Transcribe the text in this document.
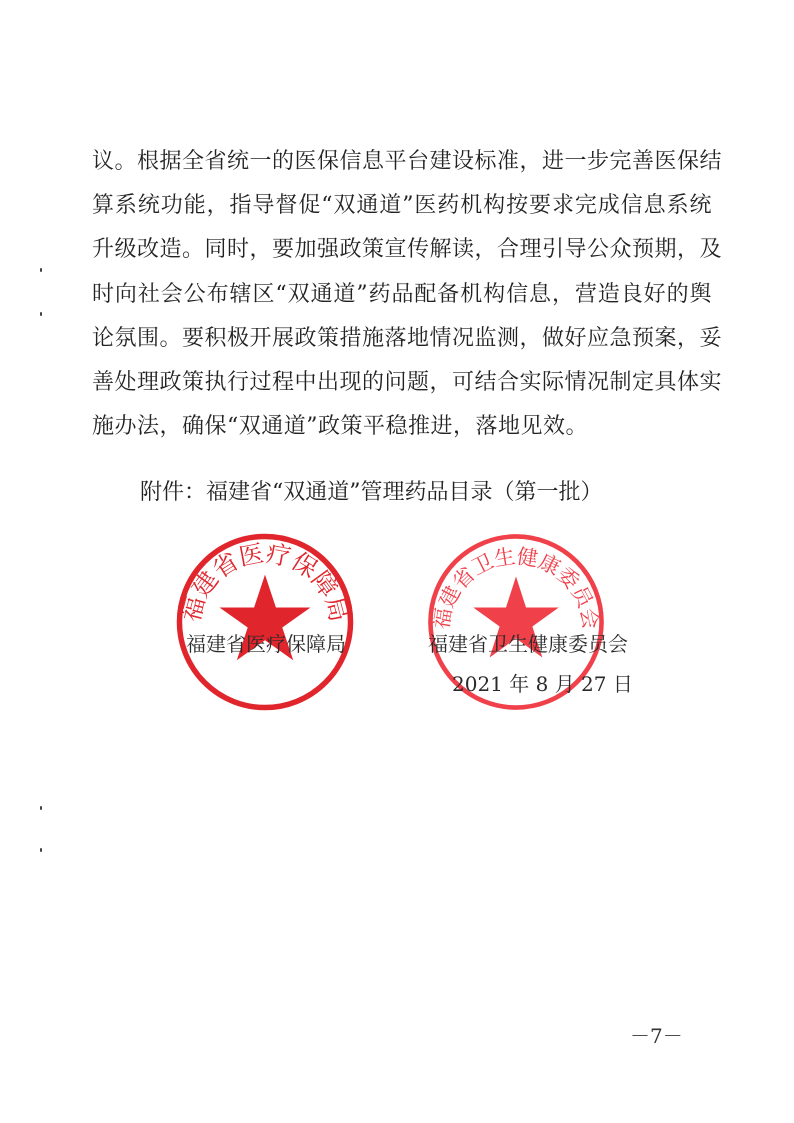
议。根据全省统一的医保信息平台建设标准，进一步完善医保结
算系统功能，指导督促“双通道”医药机构按要求完成信息系统
升级改造。同时，要加强政策宣传解读，合理引导公众预期，及
时向社会公布辖区“双通道”药品配备机构信息，营造良好的舆
论氛围。要积极开展政策措施落地情况监测，做好应急预案，妥
善处理政策执行过程中出现的问题，可结合实际情况制定具体实
施办法，确保“双通道”政策平稳推进，落地见效。
附件：福建省“双通道”管理药品目录（第一批）
福建省医疗保障局	福建省卫生健康委员会
福建省医疗保障局	福建省卫生健康委员会
2021 年 8 月 27 日
－7－
